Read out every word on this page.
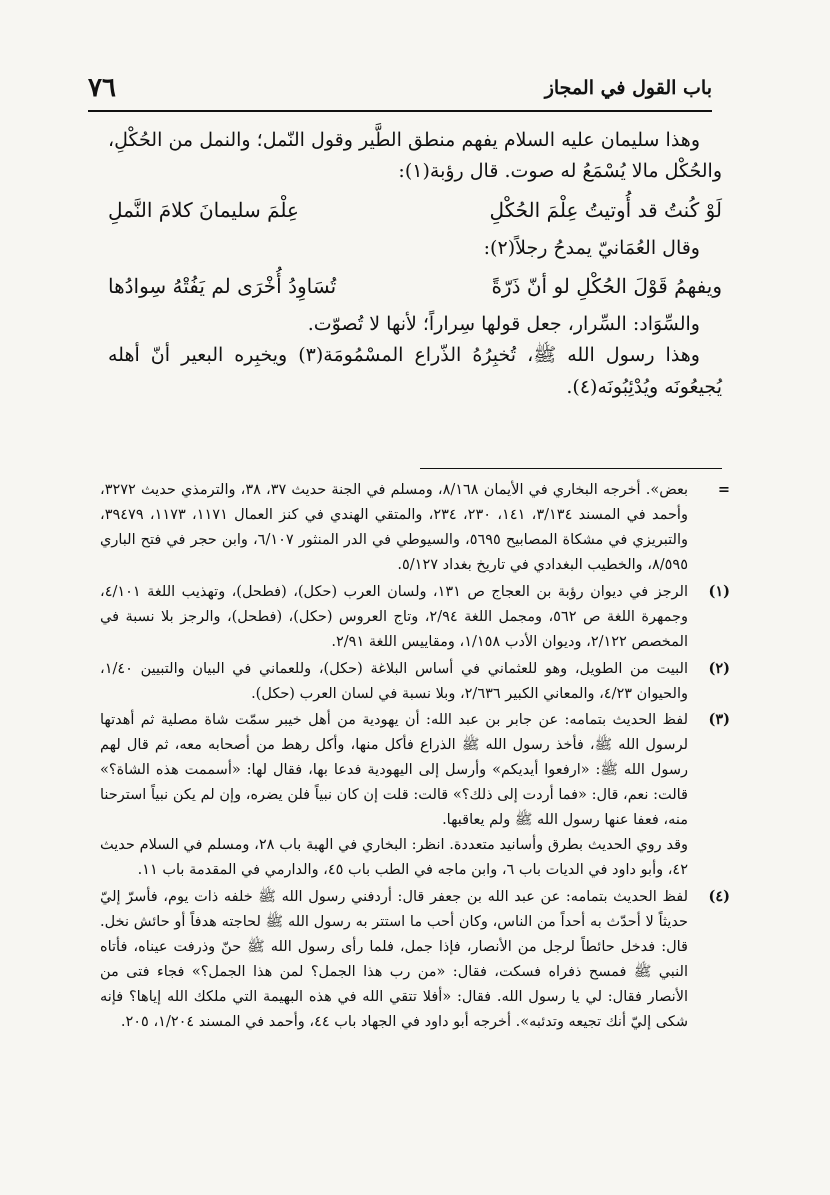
باب القول في المجاز
٧٦

وهذا سليمان عليه السلام يفهم منطق الطَّير وقول النّمل؛ والنمل من الحُكْلِ، والحُكْل مالا يُسْمَعُ له صوت. قال رؤبة(١):

لَوْ كُنتُ قد أُوتيتُ عِلْمَ الحُكْلِ
عِلْمَ سليمانَ كلامَ النَّملِ

وقال العُمَانيّ يمدحُ رجلاً(٢):

ويفهمُ قَوْلَ الحُكْلِ لو أنّ ذَرّةً
تُسَاوِدُ أُخْرَى لم يَفُتْهُ سِوادُها

والسِّوَاد: السِّرار، جعل قولها سِراراً؛ لأنها لا تُصوّت.

وهذا رسول الله ﷺ، تُخبِرُهُ الذّراع المسْمُومَة(٣) ويخبِره البعير أنّ أهله يُجيعُونَه ويُدْئِبُونَه(٤).

=

بعض». أخرجه البخاري في الأيمان ٨/١٦٨، ومسلم في الجنة حديث ٣٧، ٣٨، والترمذي حديث ٣٢٧٢، وأحمد في المسند ٣/١٣٤، ١٤١، ٢٣٠، ٢٣٤، والمتقي الهندي في كنز العمال ١١٧١، ١١٧٣، ٣٩٤٧٩، والتبريزي في مشكاة المصابيح ٥٦٩٥، والسيوطي في الدر المنثور ٦/١٠٧، وابن حجر في فتح الباري ٨/٥٩٥، والخطيب البغدادي في تاريخ بغداد ٥/١٢٧.

(١)

الرجز في ديوان رؤبة بن العجاج ص ١٣١، ولسان العرب (حكل)، (فطحل)، وتهذيب اللغة ٤/١٠١، وجمهرة اللغة ص ٥٦٢، ومجمل اللغة ٢/٩٤، وتاج العروس (حكل)، (فطحل)، والرجز بلا نسبة في المخصص ٢/١٢٢، وديوان الأدب ١/١٥٨، ومقاييس اللغة ٢/٩١.

(٢)

البيت من الطويل، وهو للعثماني في أساس البلاغة (حكل)، وللعماني في البيان والتبيين ١/٤٠، والحيوان ٤/٢٣، والمعاني الكبير ٢/٦٣٦، وبلا نسبة في لسان العرب (حكل).

(٣)

لفظ الحديث بتمامه: عن جابر بن عبد الله: أن يهودية من أهل خيبر سمّت شاة مصلية ثم أهدتها لرسول الله ﷺ، فأخذ رسول الله ﷺ الذراع فأكل منها، وأكل رهط من أصحابه معه، ثم قال لهم رسول الله ﷺ: «ارفعوا أيديكم» وأرسل إلى اليهودية فدعا بها، فقال لها: «أسممت هذه الشاة؟» قالت: نعم، قال: «فما أردت إلى ذلك؟» قالت: قلت إن كان نبياً فلن يضره، وإن لم يكن نبياً استرحنا منه، فعفا عنها رسول الله ﷺ ولم يعاقبها.

وقد روي الحديث بطرق وأسانيد متعددة. انظر: البخاري في الهبة باب ٢٨، ومسلم في السلام حديث ٤٢، وأبو داود في الديات باب ٦، وابن ماجه في الطب باب ٤٥، والدارمي في المقدمة باب ١١.

(٤)

لفظ الحديث بتمامه: عن عبد الله بن جعفر قال: أردفني رسول الله ﷺ خلفه ذات يوم، فأسرّ إليّ حديثاً لا أحدّث به أحداً من الناس، وكان أحب ما استتر به رسول الله ﷺ لحاجته هدفاً أو حائش نخل. قال: فدخل حائطاً لرجل من الأنصار، فإذا جمل، فلما رأى رسول الله ﷺ حنّ وذرفت عيناه، فأتاه النبي ﷺ فمسح ذفراه فسكت، فقال: «من رب هذا الجمل؟ لمن هذا الجمل؟» فجاء فتى من الأنصار فقال: لي يا رسول الله. فقال: «أفلا تتقي الله في هذه البهيمة التي ملكك الله إياها؟ فإنه شكى إليّ أنك تجيعه وتدئبه». أخرجه أبو داود في الجهاد باب ٤٤، وأحمد في المسند ١/٢٠٤، ٢٠٥.
